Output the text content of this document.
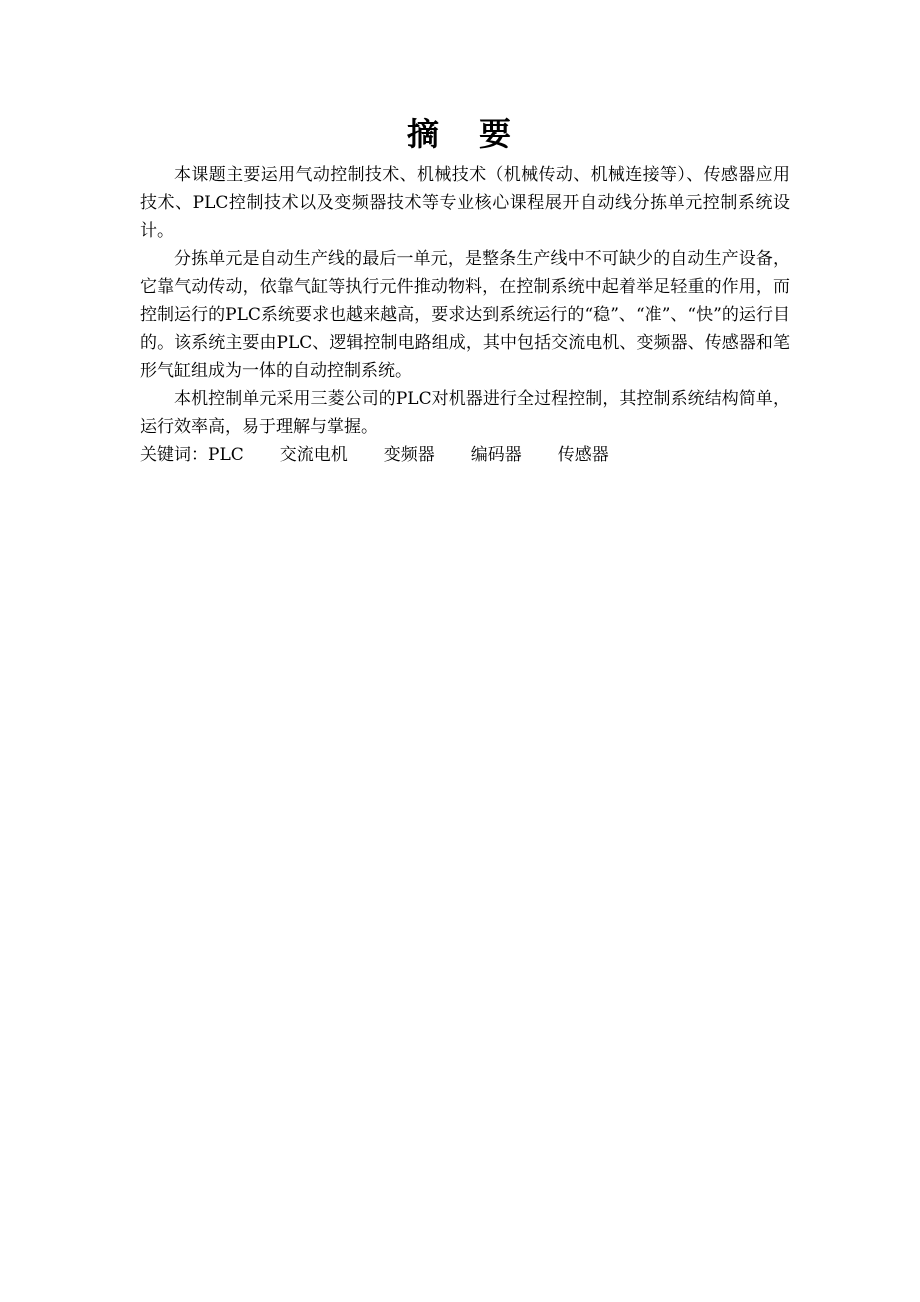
摘 要

本课题主要运用气动控制技术、机械技术（机械传动、机械连接等）、传感器应用技术、PLC控制技术以及变频器技术等专业核心课程展开自动线分拣单元控制系统设计。

分拣单元是自动生产线的最后一单元，是整条生产线中不可缺少的自动生产设备，它靠气动传动，依靠气缸等执行元件推动物料，在控制系统中起着举足轻重的作用，而控制运行的PLC系统要求也越来越高，要求达到系统运行的“稳”、“准”、“快”的运行目的。该系统主要由PLC、逻辑控制电路组成，其中包括交流电机、变频器、传感器和笔形气缸组成为一体的自动控制系统。

本机控制单元采用三菱公司的PLC对机器进行全过程控制，其控制系统结构简单，运行效率高，易于理解与掌握。

关键词：PLC 交流电机 变频器 编码器 传感器
